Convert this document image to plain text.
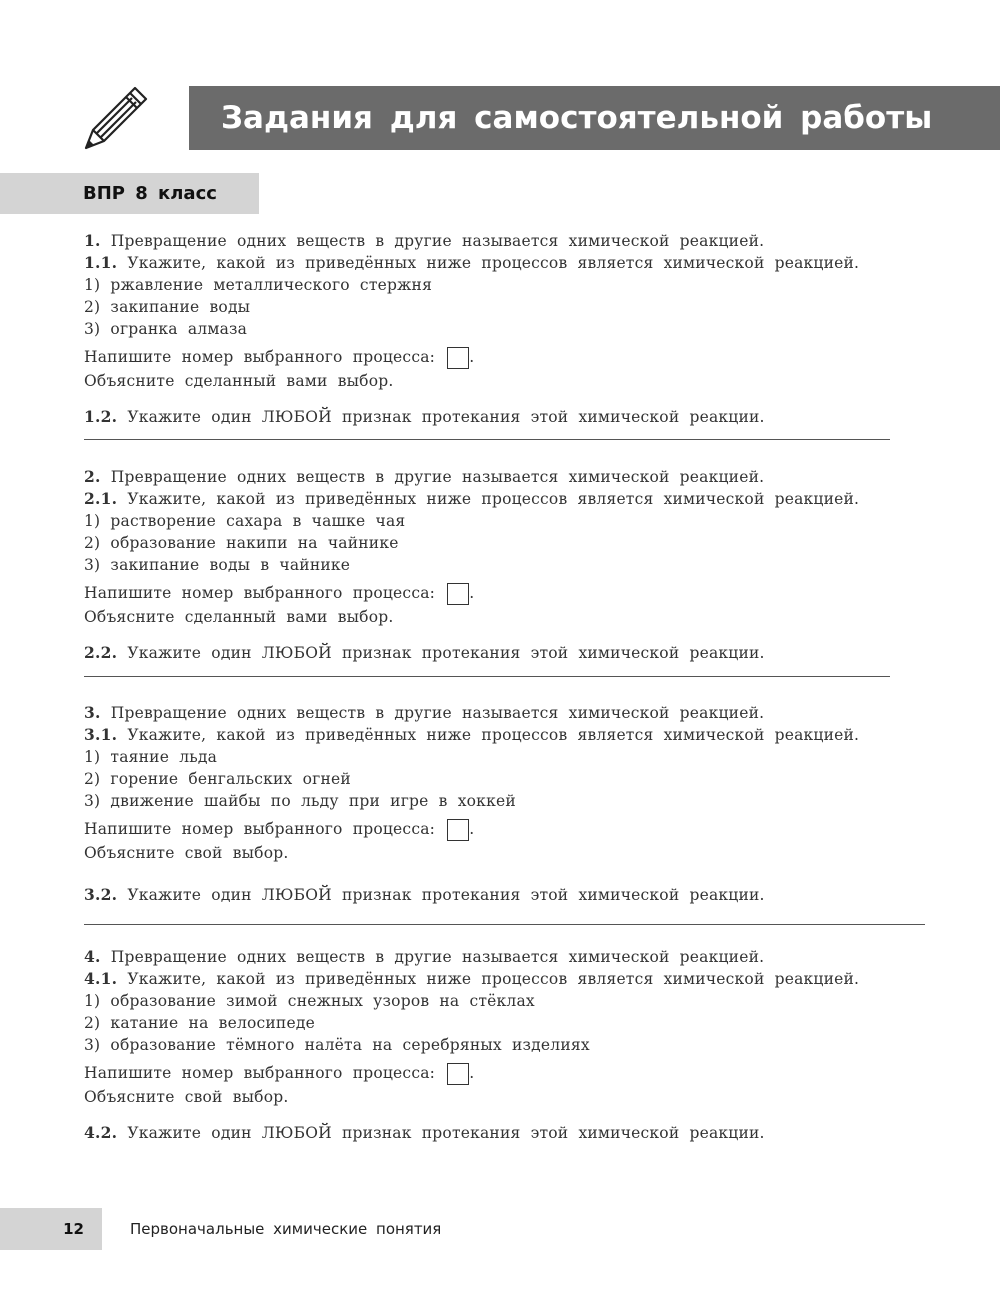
Задания для самостоятельной работы
ВПР 8 класс
1. Превращение одних веществ в другие называется химической реакцией.
1.1. Укажите, какой из приведённых ниже процессов является химической реакцией.
1) ржавление металлического стержня
2) закипание воды
3) огранка алмаза
Напишите номер выбранного процесса: .
Объясните сделанный вами выбор.
1.2. Укажите один ЛЮБОЙ признак протекания этой химической реакции.
2. Превращение одних веществ в другие называется химической реакцией.
2.1. Укажите, какой из приведённых ниже процессов является химической реакцией.
1) растворение сахара в чашке чая
2) образование накипи на чайнике
3) закипание воды в чайнике
Напишите номер выбранного процесса: .
Объясните сделанный вами выбор.
2.2. Укажите один ЛЮБОЙ признак протекания этой химической реакции.
3. Превращение одних веществ в другие называется химической реакцией.
3.1. Укажите, какой из приведённых ниже процессов является химической реакцией.
1) таяние льда
2) горение бенгальских огней
3) движение шайбы по льду при игре в хоккей
Напишите номер выбранного процесса: .
Объясните свой выбор.
3.2. Укажите один ЛЮБОЙ признак протекания этой химической реакции.
4. Превращение одних веществ в другие называется химической реакцией.
4.1. Укажите, какой из приведённых ниже процессов является химической реакцией.
1) образование зимой снежных узоров на стёклах
2) катание на велосипеде
3) образование тёмного налёта на серебряных изделиях
Напишите номер выбранного процесса: .
Объясните свой выбор.
4.2. Укажите один ЛЮБОЙ признак протекания этой химической реакции.
12	Первоначальные химические понятия
